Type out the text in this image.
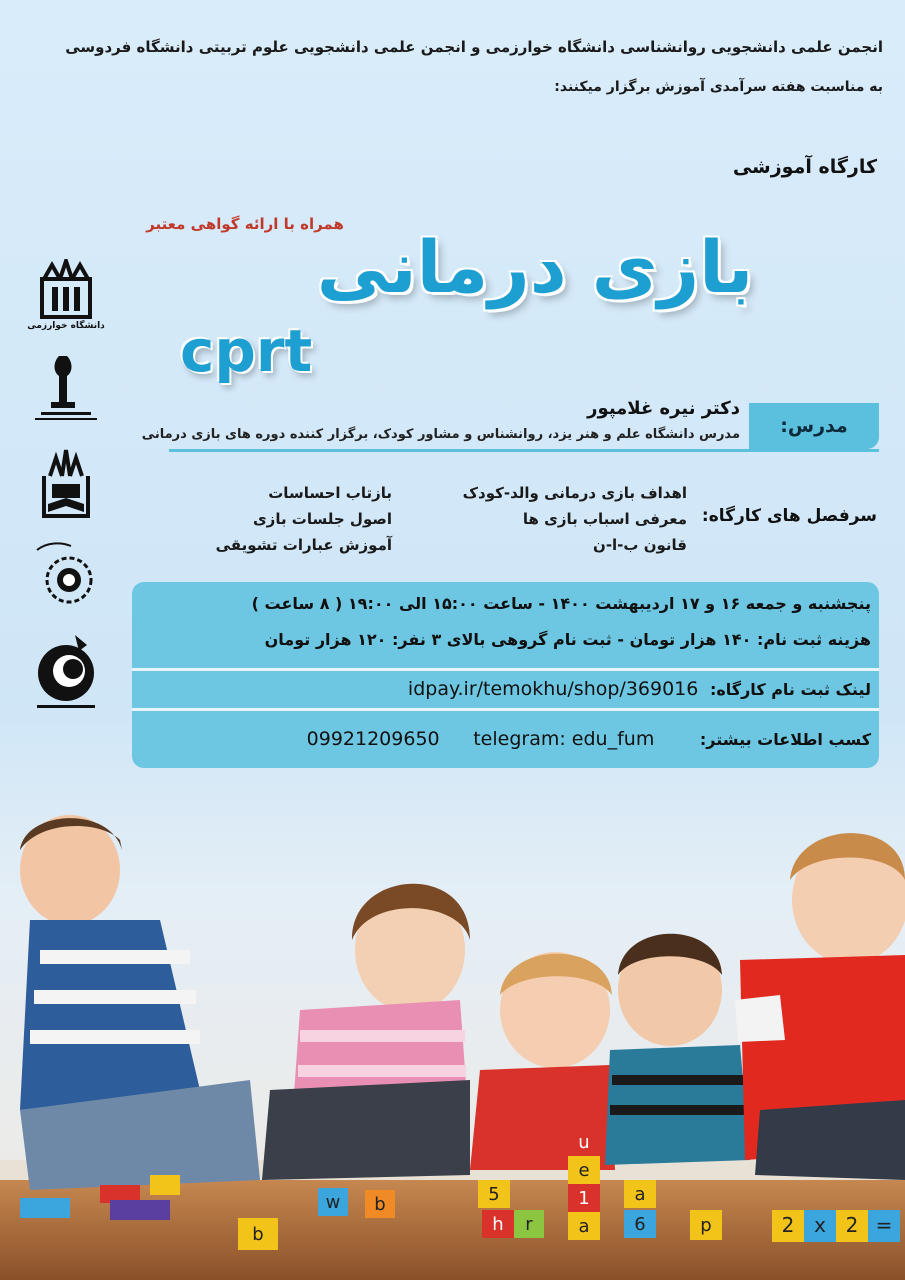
انجمن علمی دانشجویی روانشناسی دانشگاه خوارزمی و انجمن علمی دانشجویی علوم تربیتی دانشگاه فردوسی
به مناسبت هفته سرآمدی آموزش برگزار میکنند:
کارگاه آموزشی
همراه با ارائه گواهی معتبر
بازی درمانی
cprt
دانشگاه خوارزمی
مدرس:
دکتر نیره غلامپور
مدرس دانشگاه علم و هنر یزد، روانشناس و مشاور کودک، برگزار کننده دوره های بازی درمانی
سرفصل های کارگاه:
اهداف بازی درمانی والد-کودک
معرفی اسباب بازی ها
قانون ب-ا-ن
بازتاب احساسات
اصول جلسات بازی
آموزش عبارات تشویقی
پنجشنبه و جمعه ۱۶ و ۱۷ اردیبهشت ۱۴۰۰ - ساعت ۱۵:۰۰ الی ۱۹:۰۰ ( ۸ ساعت )
هزینه ثبت نام: ۱۴۰ هزار تومان - ثبت نام گروهی بالای ۳ نفر: ۱۲۰ هزار تومان
لینک ثبت نام کارگاه: idpay.ir/temokhu/shop/369016
کسب اطلاعات بیشتر: 09921209650 telegram: edu_fum
u
e
1
a
b
w
b
5
h r
a
6	p	2 x 2 =
